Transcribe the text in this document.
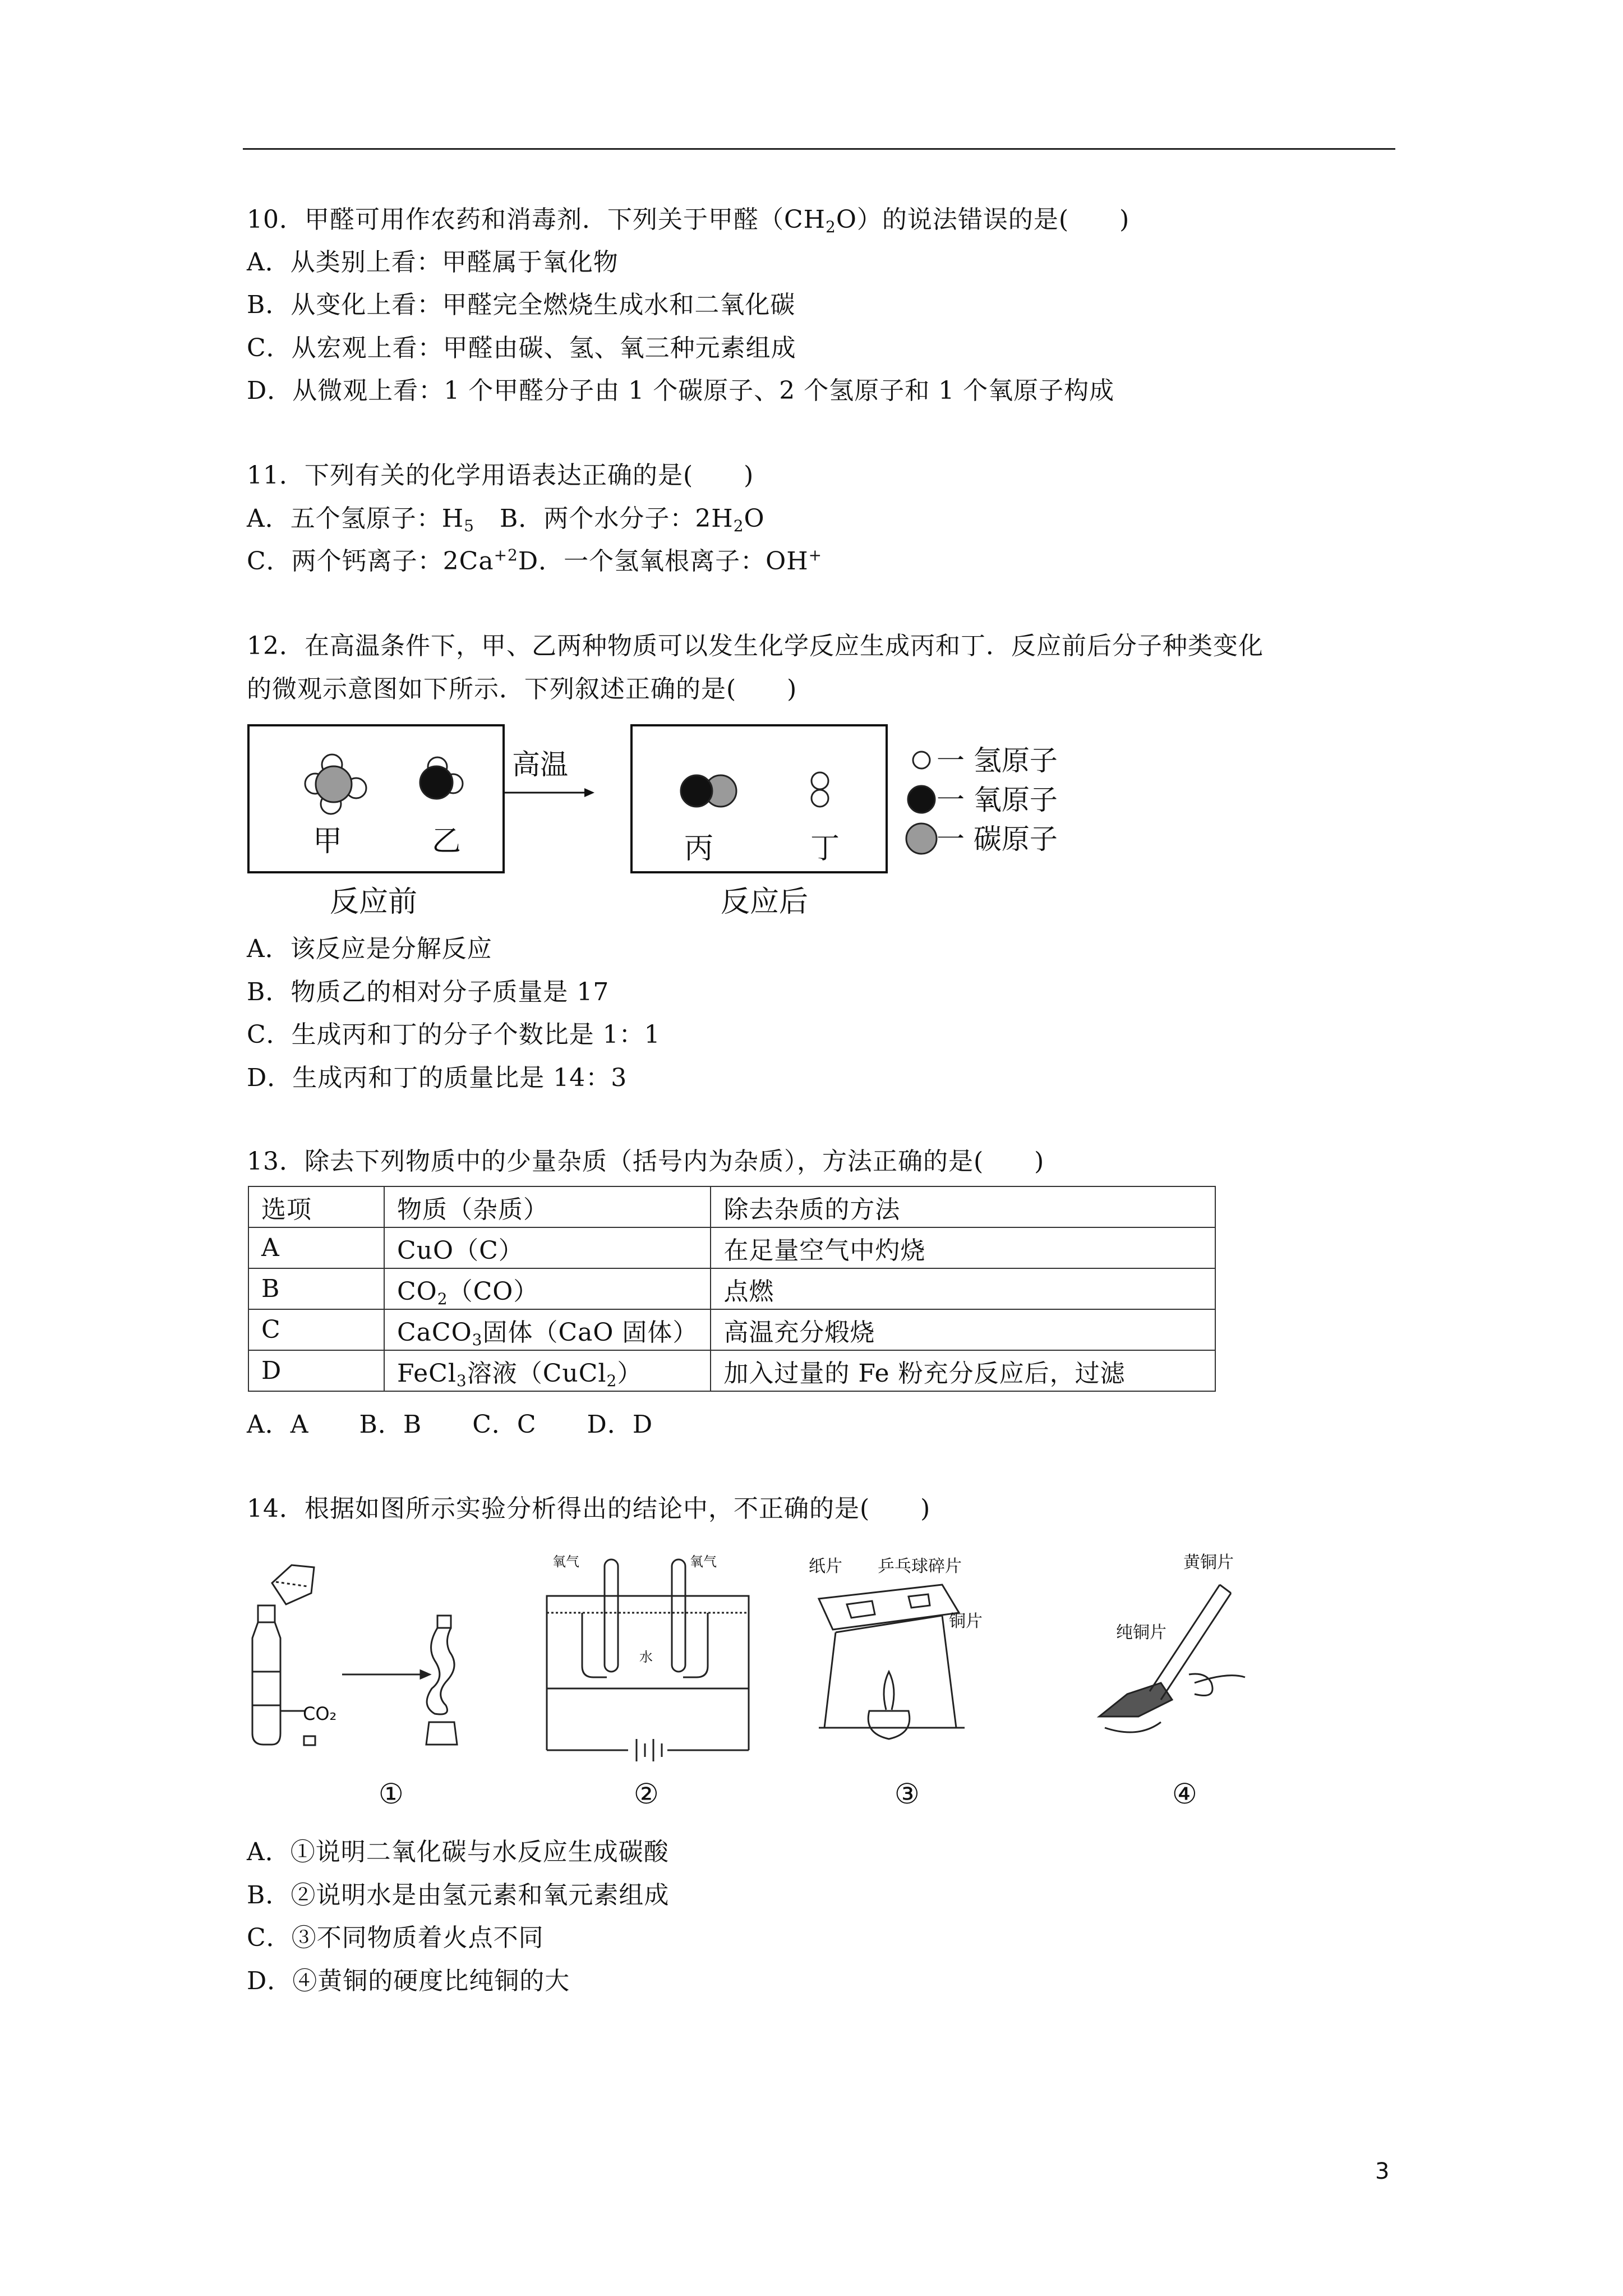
10．甲醛可用作农药和消毒剂．下列关于甲醛$(CH_2O)$的说法错误的是(　　)
A．从类别上看：甲醛属于氧化物
B．从变化上看：甲醛完全燃烧生成水和二氧化碳
C．从宏观上看：甲醛由碳、氢、氧三种元素组成
D．从微观上看：1 个甲醛分子由 1 个碳原子、2 个氢原子和 1 个氧原子构成
11．下列有关的化学用语表达正确的是(　　)
A．五个氢原子：$H_5$　B．两个水分子：$2H_2O$
C．两个钙离子：$2Ca^{+2}D$．一个氢氧根离子：OH+
12．在高温条件下，甲、乙两种物质可以发生化学反应生成丙和丁．反应前后分子种类变化
的微观示意图如下所示．下列叙述正确的是(　　)
甲	乙
反应前
高温
丙	丁
反应后
一 氢原子
一 氧原子
一 碳原子
A．该反应是分解反应
B．物质乙的相对分子质量是 17
C．生成丙和丁的分子个数比是 1：1
D．生成丙和丁的质量比是 14：3
13．除去下列物质中的少量杂质（括号内为杂质），方法正确的是(　　)
选项	物质（杂质）	除去杂质的方法
A	CuO（C）	在足量空气中灼烧
B	$CO_2(CO)$	点燃
C	CaCO$_3$固体（CaO 固体）	高温充分煅烧
D	FeCl$_3$溶液（CuCl$_2$）	加入过量的 Fe 粉充分反应后，过滤
A．A　　B．B　　C．C　　D．D
14．根据如图所示实验分析得出的结论中，不正确的是(　　)
CO₂
氧气	氧气
水
纸片 乒乓球碎片
铜片
黄铜片
纯铜片
①	②	③	④
A．①说明二氧化碳与水反应生成碳酸
B．②说明水是由氢元素和氧元素组成
C．③不同物质着火点不同
D．④黄铜的硬度比纯铜的大
3
